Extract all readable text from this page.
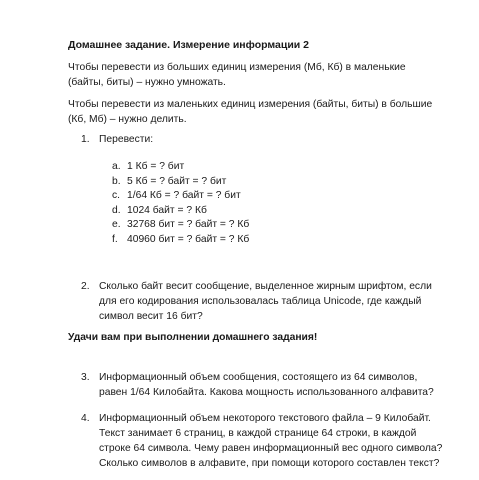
Домашнее задание. Измерение информации 2
Чтобы перевести из больших единиц измерения (Мб, Кб) в маленькие
(байты, биты) – нужно умножать.
Чтобы перевести из маленьких единиц измерения (байты, биты) в большие
(Кб, Мб) – нужно делить.
1. Перевести:
a. 1 Кб = ? бит
b. 5 Кб = ? байт = ? бит
c. 1/64 Кб = ? байт = ? бит
d. 1024 байт = ? Кб
e. 32768 бит = ? байт = ? Кб
f. 40960 бит = ? байт = ? Кб
2. Сколько байт весит сообщение, выделенное жирным шрифтом, если
для его кодирования использовалась таблица Unicode, где каждый
символ весит 16 бит?
Удачи вам при выполнении домашнего задания!
3. Информационный объем сообщения, состоящего из 64 символов,
равен 1/64 Килобайта. Какова мощность использованного алфавита?
4. Информационный объем некоторого текстового файла – 9 Килобайт.
Текст занимает 6 страниц, в каждой странице 64 строки, в каждой
строке 64 символа. Чему равен информационный вес одного символа?
Сколько символов в алфавите, при помощи которого составлен текст?
